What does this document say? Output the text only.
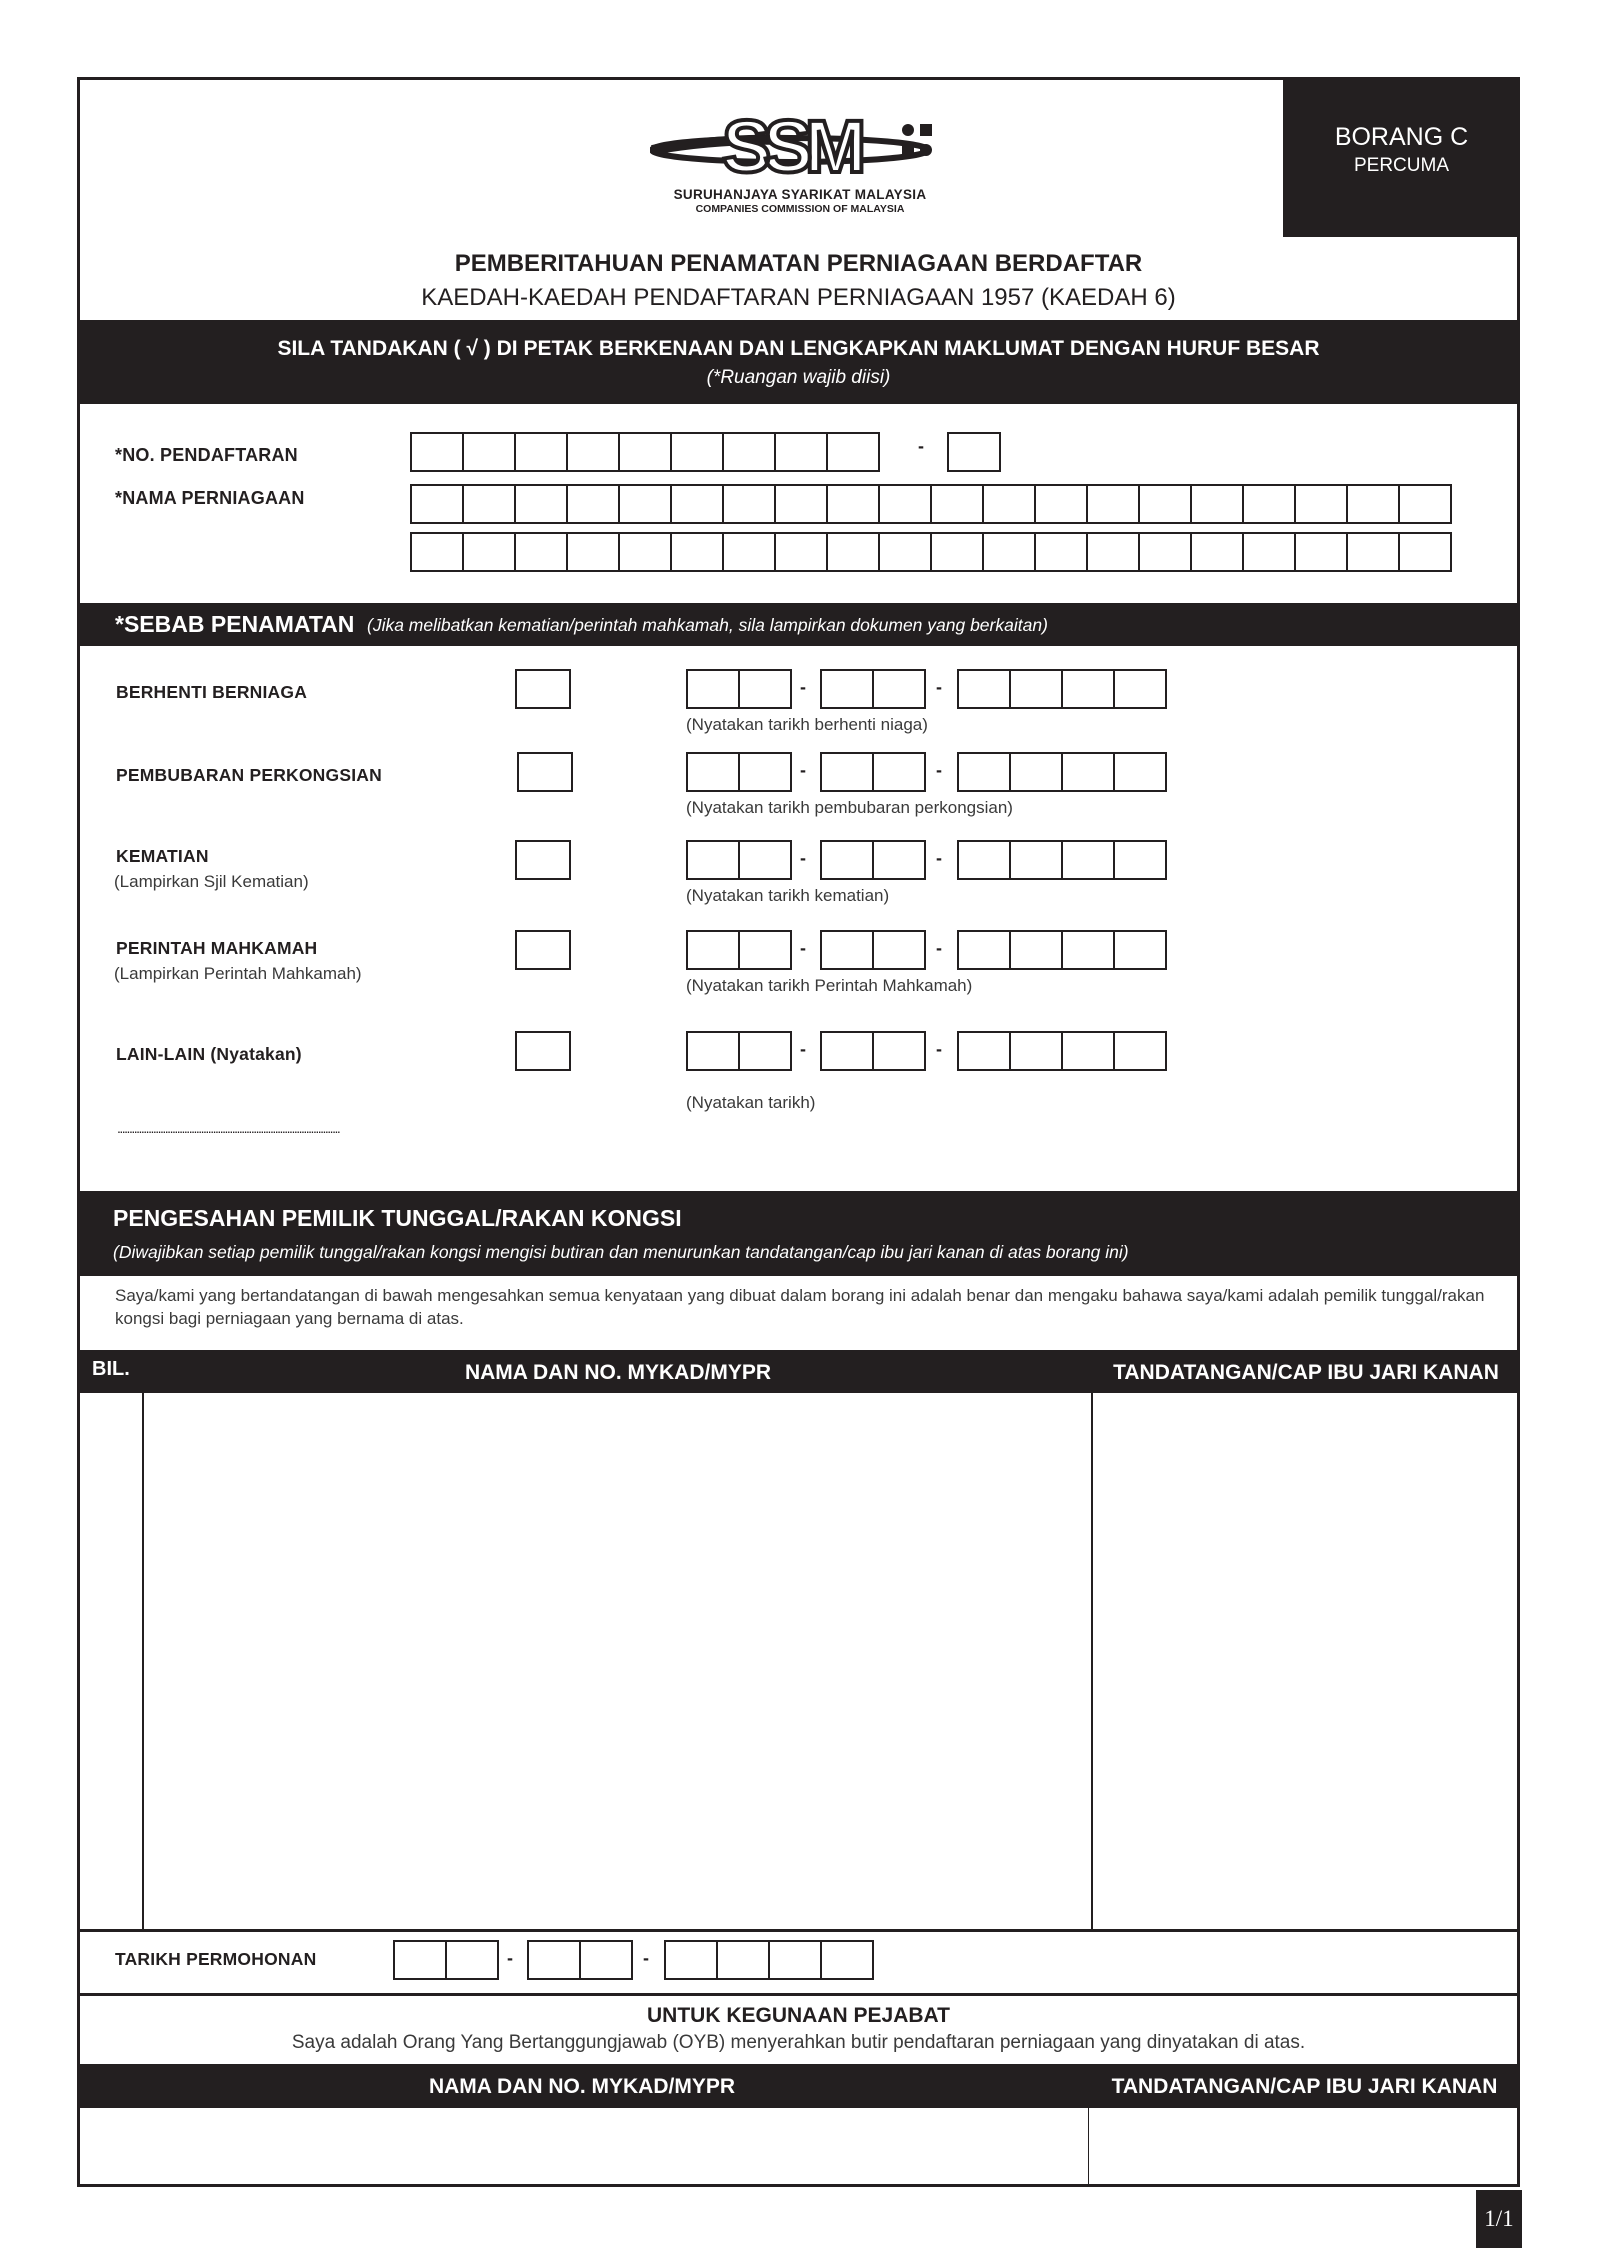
SSM
SURUHANJAYA SYARIKAT MALAYSIA
COMPANIES COMMISSION OF MALAYSIA
BORANG C
PERCUMA
PEMBERITAHUAN PENAMATAN PERNIAGAAN BERDAFTAR
KAEDAH-KAEDAH PENDAFTARAN PERNIAGAAN 1957 (KAEDAH 6)
SILA TANDAKAN ( √ ) DI PETAK BERKENAAN DAN LENGKAPKAN MAKLUMAT DENGAN HURUF BESAR
(*Ruangan wajib diisi)
*NO. PENDAFTARAN	-
*NAMA PERNIAGAAN
*SEBAB PENAMATAN (Jika melibatkan kematian/perintah mahkamah, sila lampirkan dokumen yang berkaitan)
BERHENTI BERNIAGA	-	-
(Nyatakan tarikh berhenti niaga)
PEMBUBARAN PERKONGSIAN	-	-
(Nyatakan tarikh pembubaran perkongsian)
KEMATIAN
(Lampirkan Sjil Kematian)
-	-
(Nyatakan tarikh kematian)
PERINTAH MAHKAMAH
(Lampirkan Perintah Mahkamah)
-	-
(Nyatakan tarikh Perintah Mahkamah)
LAIN-LAIN (Nyatakan)	-	-
(Nyatakan tarikh)
.............................................................................................
PENGESAHAN PEMILIK TUNGGAL/RAKAN KONGSI
(Diwajibkan setiap pemilik tunggal/rakan kongsi mengisi butiran dan menurunkan tandatangan/cap ibu jari kanan di atas borang ini)
Saya/kami yang bertandatangan di bawah mengesahkan semua kenyataan yang dibuat dalam borang ini adalah benar dan mengaku bahawa saya/kami adalah pemilik tunggal/rakan kongsi bagi perniagaan yang bernama di atas.
BIL.	NAMA DAN NO. MYKAD/MYPR	TANDATANGAN/CAP IBU JARI KANAN
TARIKH PERMOHONAN	-	-
UNTUK KEGUNAAN PEJABAT
Saya adalah Orang Yang Bertanggungjawab (OYB) menyerahkan butir pendaftaran perniagaan yang dinyatakan di atas.
NAMA DAN NO. MYKAD/MYPR	TANDATANGAN/CAP IBU JARI KANAN
1/1
